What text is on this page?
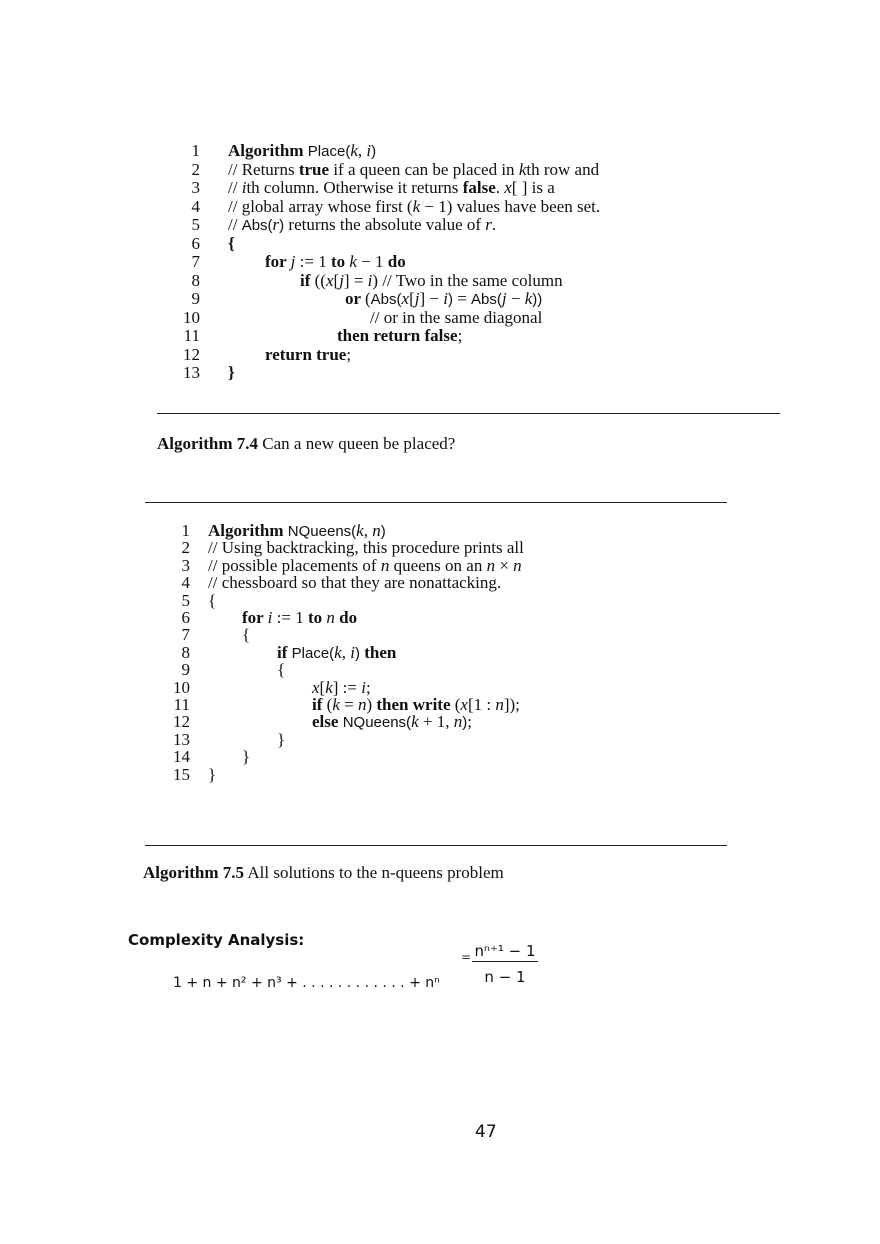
1 Algorithm Place(k, i)
2 // Returns true if a queen can be placed in kth row and
3 // ith column. Otherwise it returns false. x[ ] is a
4 // global array whose first (k − 1) values have been set.
5 // Abs(r) returns the absolute value of r.
6 {
7	for j := 1 to k − 1 do
8	if ((x[j] = i) // Two in the same column
9	or (Abs(x[j] − i) = Abs(j − k))
10	// or in the same diagonal
11	then return false;
12	return true;
13 }
Algorithm 7.4 Can a new queen be placed?
1 Algorithm NQueens(k, n)
2 // Using backtracking, this procedure prints all
3 // possible placements of n queens on an n × n
4 // chessboard so that they are nonattacking.
5 {
6	for i := 1 to n do
7	{
8	if Place(k, i) then
9	{
10	x[k] := i;
11	if (k = n) then write (x[1 : n]);
12	else NQueens(k + 1, n);
13	}
14	}
15 }
Algorithm 7.5 All solutions to the n-queens problem
Complexity Analysis:
1 + n + n² + n³ + . . . . . . . . . . . . + nⁿ
= nⁿ⁺¹ − 1
n − 1
47
